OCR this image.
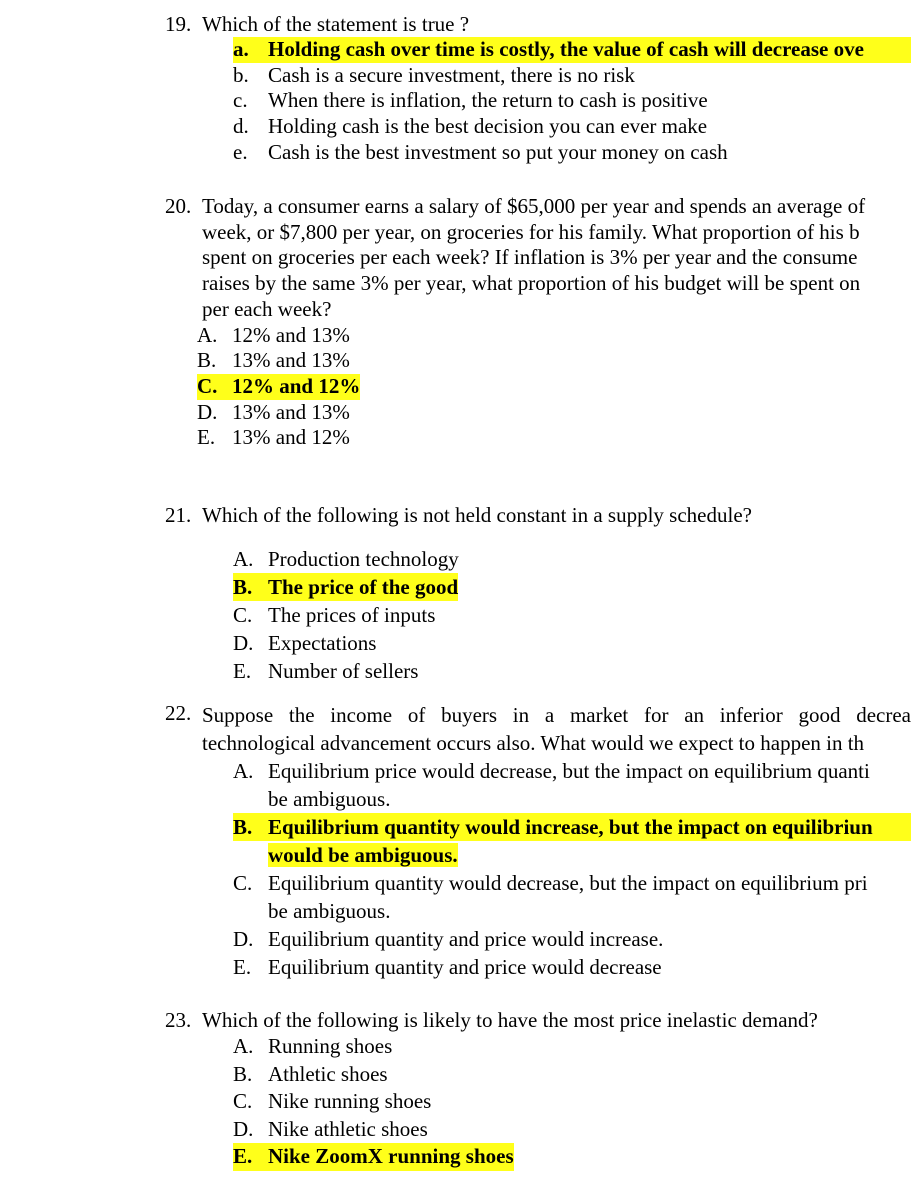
19. Which of the statement is true ?
a. Holding cash over time is costly, the value of cash will decrease ove
b. Cash is a secure investment, there is no risk
c. When there is inflation, the return to cash is positive
d. Holding cash is the best decision you can ever make
e. Cash is the best investment so put your money on cash
20. Today, a consumer earns a salary of $65,000 per year and spends an average of
week, or $7,800 per year, on groceries for his family. What proportion of his b
spent on groceries per each week? If inflation is 3% per year and the consume
raises by the same 3% per year, what proportion of his budget will be spent on
per each week?
A. 12% and 13%
B. 13% and 13%
C. 12% and 12%
D. 13% and 13%
E. 13% and 12%
21. Which of the following is not held constant in a supply schedule?
A. Production technology
B. The price of the good
C. The prices of inputs
D. Expectations
E. Number of sellers
22. Suppose the income of buyers in a market for an inferior good decrea
technological advancement occurs also. What would we expect to happen in th
A. Equilibrium price would decrease, but the impact on equilibrium quanti
be ambiguous.
B. Equilibrium quantity would increase, but the impact on equilibriun
would be ambiguous.
C. Equilibrium quantity would decrease, but the impact on equilibrium pri
be ambiguous.
D. Equilibrium quantity and price would increase.
E. Equilibrium quantity and price would decrease
23. Which of the following is likely to have the most price inelastic demand?
A. Running shoes
B. Athletic shoes
C. Nike running shoes
D. Nike athletic shoes
E. Nike ZoomX running shoes
